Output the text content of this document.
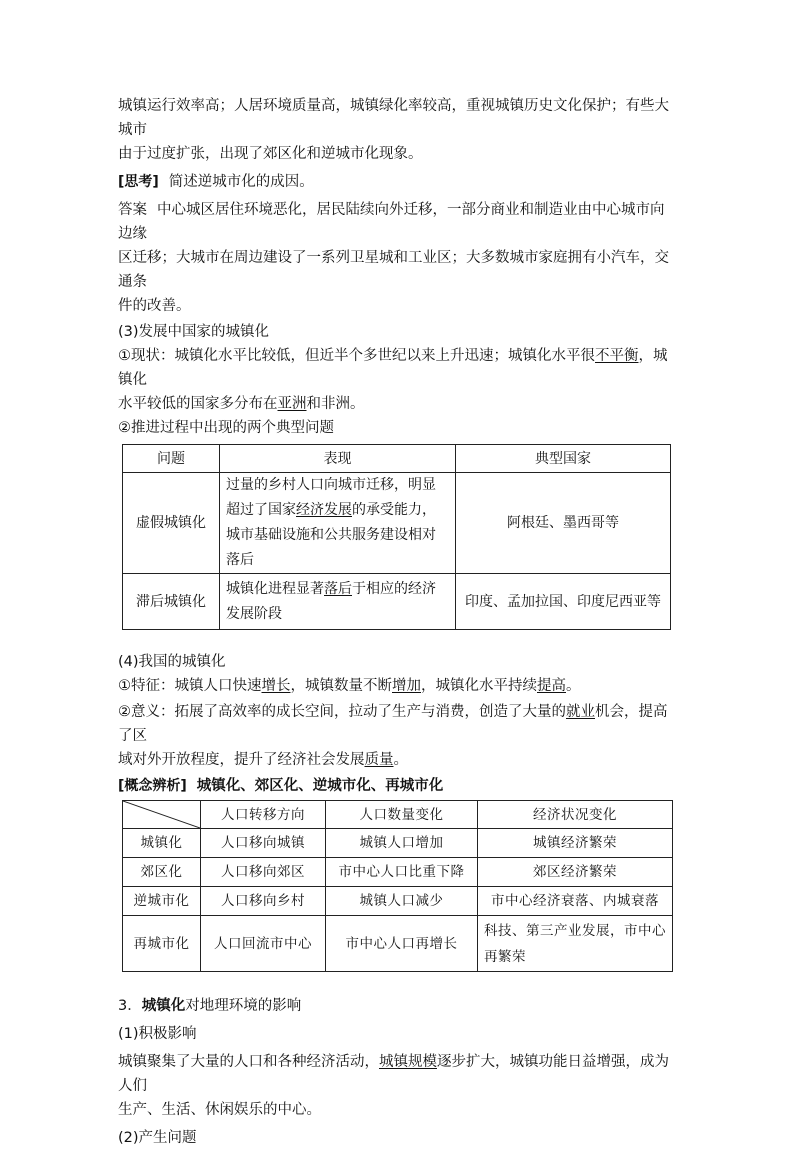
城镇运行效率高；人居环境质量高，城镇绿化率较高，重视城镇历史文化保护；有些大城市

由于过度扩张，出现了郊区化和逆城市化现象。

[思考] 简述逆城市化的成因。

答案 中心城区居住环境恶化，居民陆续向外迁移，一部分商业和制造业由中心城市向边缘

区迁移；大城市在周边建设了一系列卫星城和工业区；大多数城市家庭拥有小汽车，交通条

件的改善。

(3)发展中国家的城镇化

①现状：城镇化水平比较低，但近半个多世纪以来上升迅速；城镇化水平很不平衡，城镇化

水平较低的国家多分布在亚洲和非洲。

②推进过程中出现的两个典型问题

问题	表现	典型国家
虚假城镇化	过量的乡村人口向城市迁移，明显超过了国家经济发展的承受能力，城市基础设施和公共服务建设相对落后	阿根廷、墨西哥等
滞后城镇化	城镇化进程显著落后于相应的经济发展阶段	印度、孟加拉国、印度尼西亚等

(4)我国的城镇化

①特征：城镇人口快速增长，城镇数量不断增加，城镇化水平持续提高。

②意义：拓展了高效率的成长空间，拉动了生产与消费，创造了大量的就业机会，提高了区

域对外开放程度，提升了经济社会发展质量。

[概念辨析] 城镇化、郊区化、逆城市化、再城市化

	人口转移方向	人口数量变化	经济状况变化
城镇化	人口移向城镇	城镇人口增加	城镇经济繁荣
郊区化	人口移向郊区	市中心人口比重下降	郊区经济繁荣
逆城市化	人口移向乡村	城镇人口减少	市中心经济衰落、内城衰落
再城市化	人口回流市中心	市中心人口再增长	科技、第三产业发展，市中心
再繁荣

3．城镇化对地理环境的影响

(1)积极影响

城镇聚集了大量的人口和各种经济活动，城镇规模逐步扩大，城镇功能日益增强，成为人们

生产、生活、休闲娱乐的中心。

(2)产生问题
